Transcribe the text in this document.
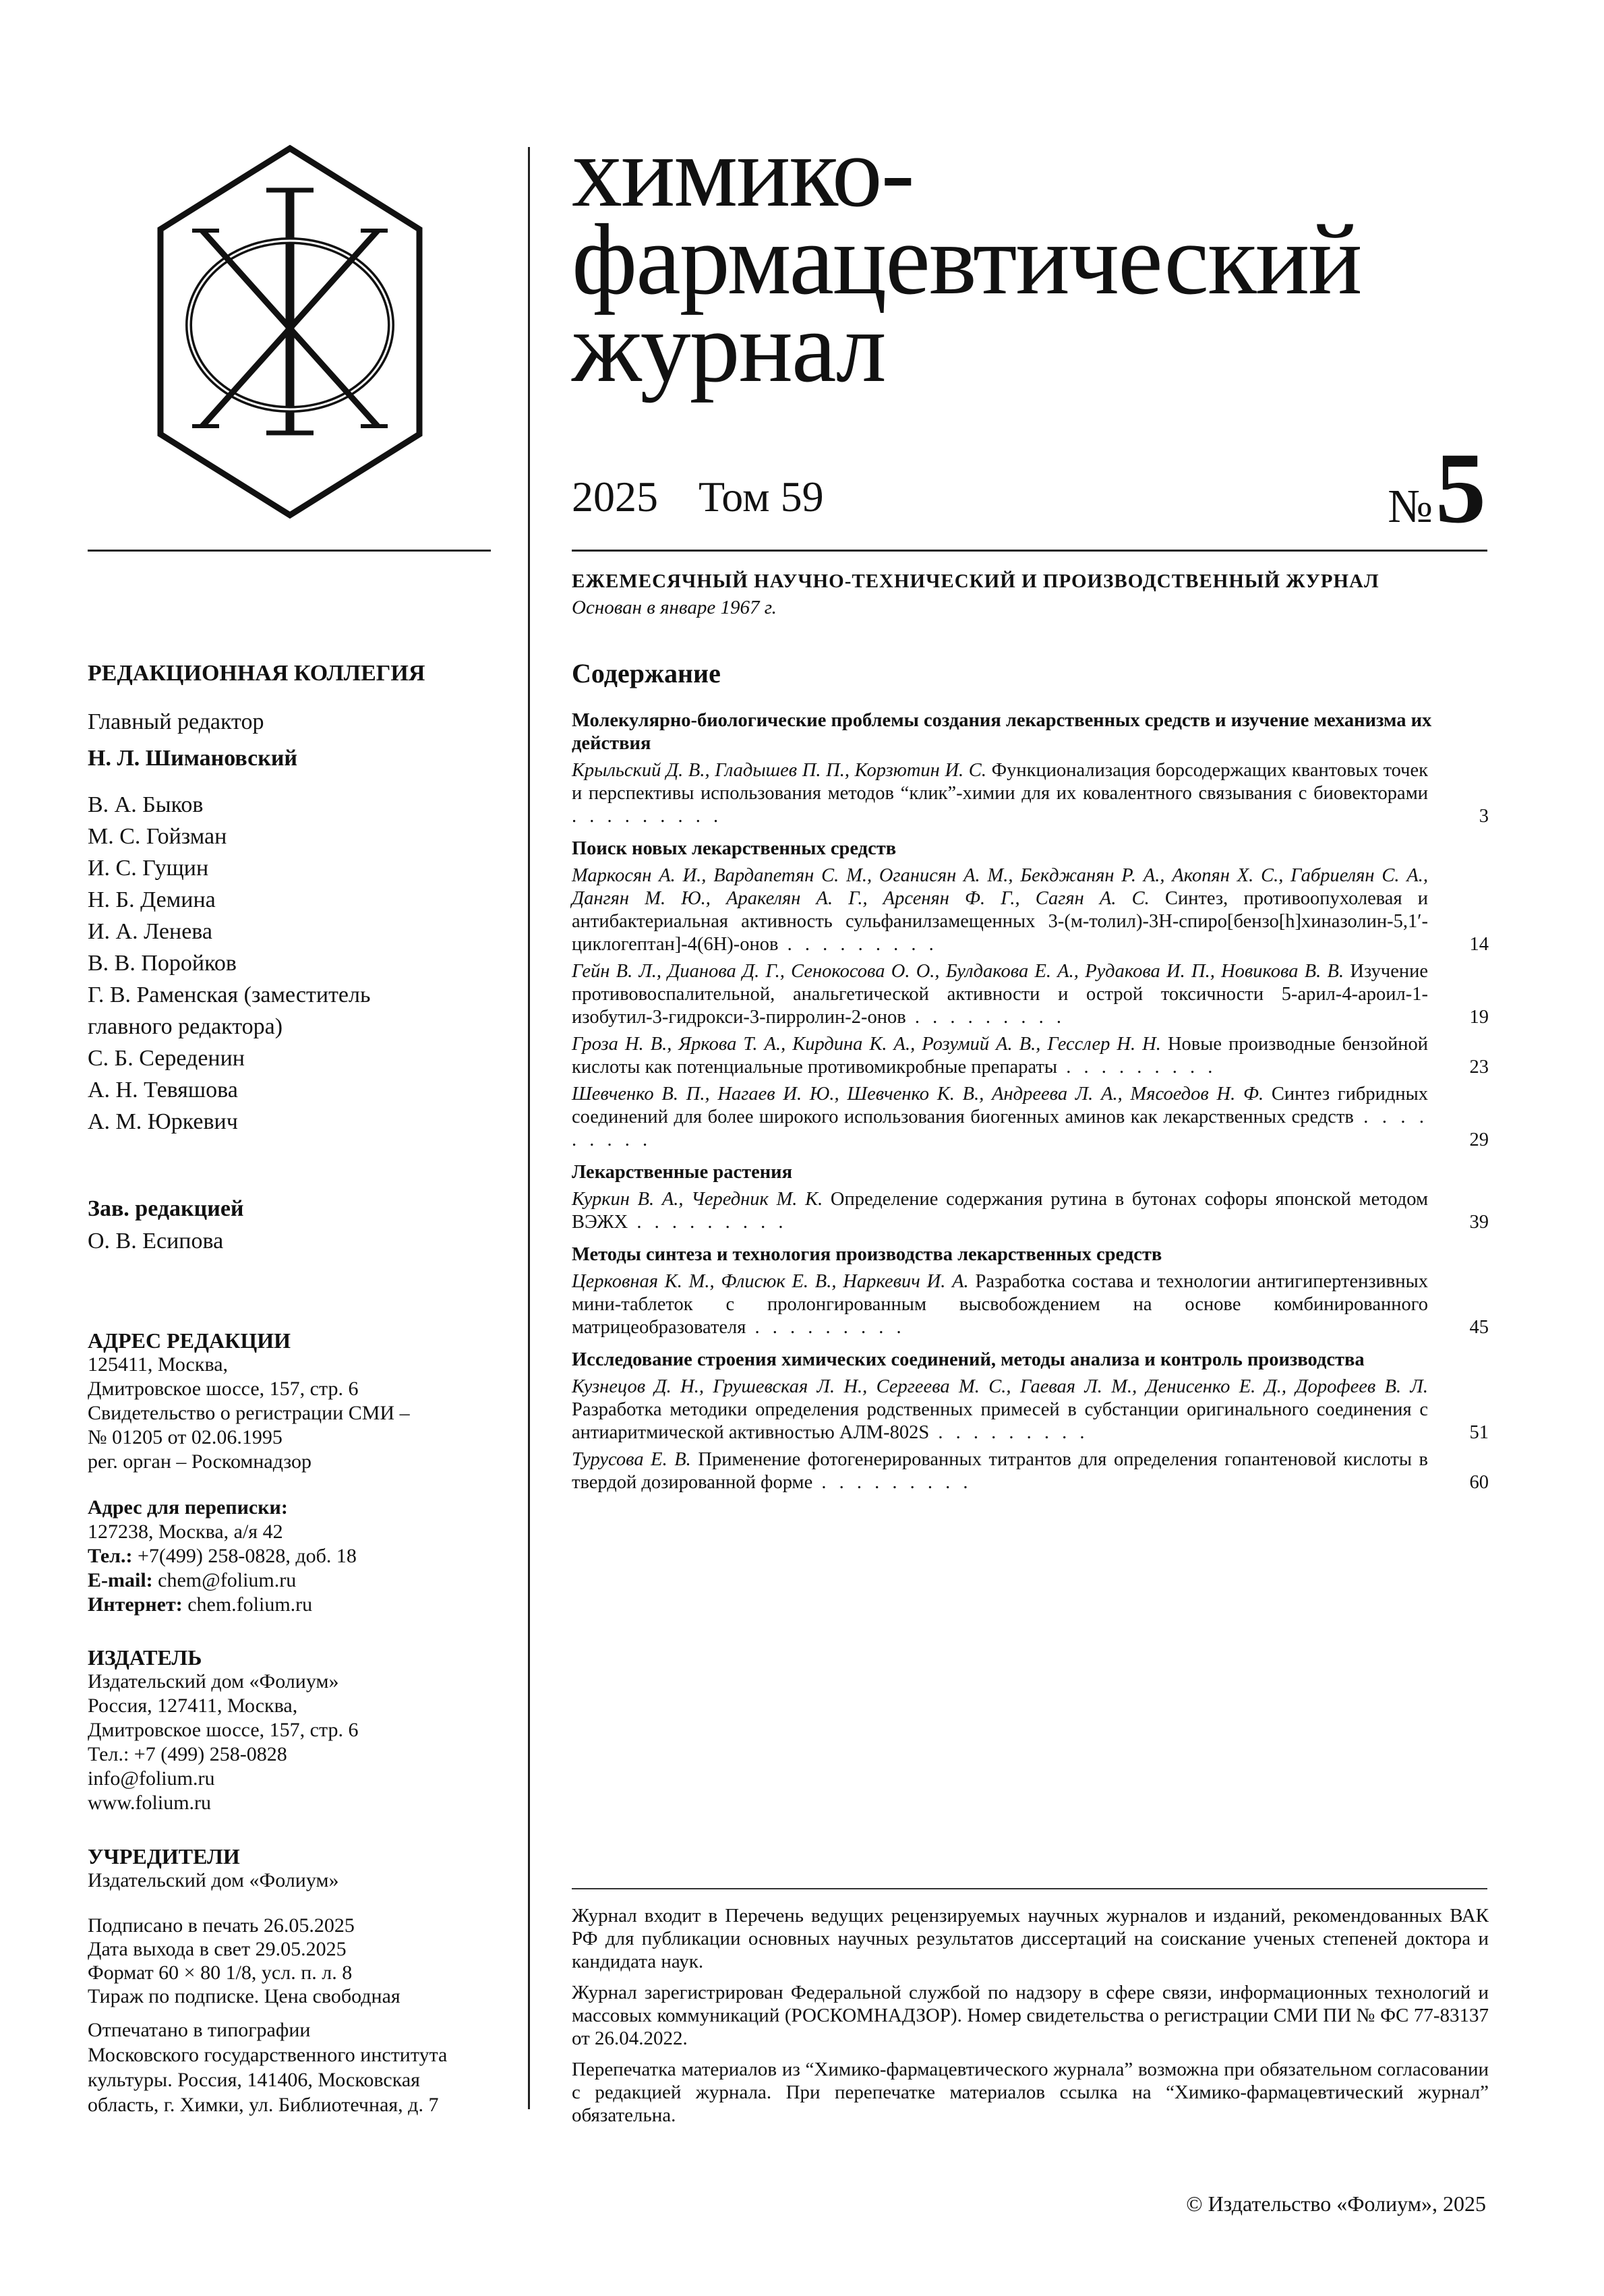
химико-
фармацевтический
журнал
2025 Том 59	№ 5
ЕЖЕМЕСЯЧНЫЙ НАУЧНО-ТЕХНИЧЕСКИЙ И ПРОИЗВОДСТВЕННЫЙ ЖУРНАЛ
Основан в январе 1967 г.
РЕДАКЦИОННАЯ КОЛЛЕГИЯ
Главный редактор
Н. Л. Шимановский
В. А. Быков
М. С. Гойзман
И. С. Гущин
Н. Б. Демина
И. А. Ленева
В. В. Поройков
Г. В. Раменская (заместитель
главного редактора)
С. Б. Середенин
А. Н. Тевяшова
А. М. Юркевич
Зав. редакцией
О. В. Есипова
АДРЕС РЕДАКЦИИ
125411, Москва,
Дмитровское шоссе, 157, стр. 6
Свидетельство о регистрации СМИ –
№ 01205 от 02.06.1995
рег. орган – Роскомнадзор
Адрес для переписки:
127238, Москва, а/я 42
Тел.: +7(499) 258-0828, доб. 18
E-mail: chem@folium.ru
Интернет: chem.folium.ru
ИЗДАТЕЛЬ
Издательский дом «Фолиум»
Россия, 127411, Москва,
Дмитровское шоссе, 157, стр. 6
Тел.: +7 (499) 258-0828
info@folium.ru
www.folium.ru
УЧРЕДИТЕЛИ
Издательский дом «Фолиум»
Подписано в печать 26.05.2025
Дата выхода в свет 29.05.2025
Формат 60 × 80 1/8, усл. п. л. 8
Тираж по подписке. Цена свободная
Отпечатано в типографии
Московского государственного института
культуры. Россия, 141406, Московская
область, г. Химки, ул. Библиотечная, д. 7
Содержание
Молекулярно-биологические проблемы создания лекарственных средств и изучение механизма их действия
Крыльский Д. В., Гладышев П. П., Корзютин И. С. Функционализация борсодержащих квантовых точек и перспективы использования методов “клик”-химии для их ковалентного связывания с биовекторами . . . . . . . . .	3
Поиск новых лекарственных средств
Маркосян А. И., Вардапетян С. М., Оганисян А. М., Бекджанян Р. А., Акопян Х. С., Габриелян С. А., Дангян М. Ю., Аракелян А. Г., Арсенян Ф. Г., Сагян А. С. Синтез, противоопухолевая и антибактериальная активность сульфанилзамещенных 3-(м-толил)-3Н-спиро[бензо[h]хиназолин-5,1′-циклогептан]-4(6Н)-онов . . . . . . . . .	14
Гейн В. Л., Дианова Д. Г., Сенокосова О. О., Булдакова Е. А., Рудакова И. П., Новикова В. В. Изучение противовоспалительной, анальгетической активности и острой токсичности 5-арил-4-ароил-1-изобутил-3-гидрокси-3-пирролин-2-онов . . . . . . . . .	19
Гроза Н. В., Яркова Т. А., Кирдина К. А., Розумий А. В., Гесслер Н. Н. Новые производные бензойной кислоты как потенциальные противомикробные препараты . . . . . . . . .	23
Шевченко В. П., Нагаев И. Ю., Шевченко К. В., Андреева Л. А., Мясоедов Н. Ф. Синтез гибридных соединений для более широкого использования биогенных аминов как лекарственных средств . . . . . . . . .	29
Лекарственные растения
Куркин В. А., Чередник М. К. Определение содержания рутина в бутонах софоры японской методом ВЭЖХ . . . . . . . . .	39
Методы синтеза и технология производства лекарственных средств
Церковная К. М., Флисюк Е. В., Наркевич И. А. Разработка состава и технологии антигипертензивных мини-таблеток с пролонгированным высвобождением на основе комбинированного матрицеобразователя . . . . . . . . .	45
Исследование строения химических соединений, методы анализа и контроль производства
Кузнецов Д. Н., Грушевская Л. Н., Сергеева М. С., Гаевая Л. М., Денисенко Е. Д., Дорофеев В. Л. Разработка методики определения родственных примесей в субстанции оригинального соединения с антиаритмической активностью АЛМ-802S . . . . . . . . .	51
Турусова Е. В. Применение фотогенерированных титрантов для определения гопантеновой кислоты в твердой дозированной форме . . . . . . . . .	60

Журнал входит в Перечень ведущих рецензируемых научных журналов и изданий, рекомендованных ВАК РФ для публикации основных научных результатов диссертаций на соискание ученых степеней доктора и кандидата наук.

Журнал зарегистрирован Федеральной службой по надзору в сфере связи, информационных технологий и массовых коммуникаций (РОСКОМНАДЗОР). Номер свидетельства о регистрации СМИ ПИ № ФС 77-83137 от 26.04.2022.

Перепечатка материалов из “Химико-фармацевтического журнала” возможна при обязательном согласовании с редакцией журнала. При перепечатке материалов ссылка на “Химико-фармацевтический журнал” обязательна.

© Издательство «Фолиум», 2025
